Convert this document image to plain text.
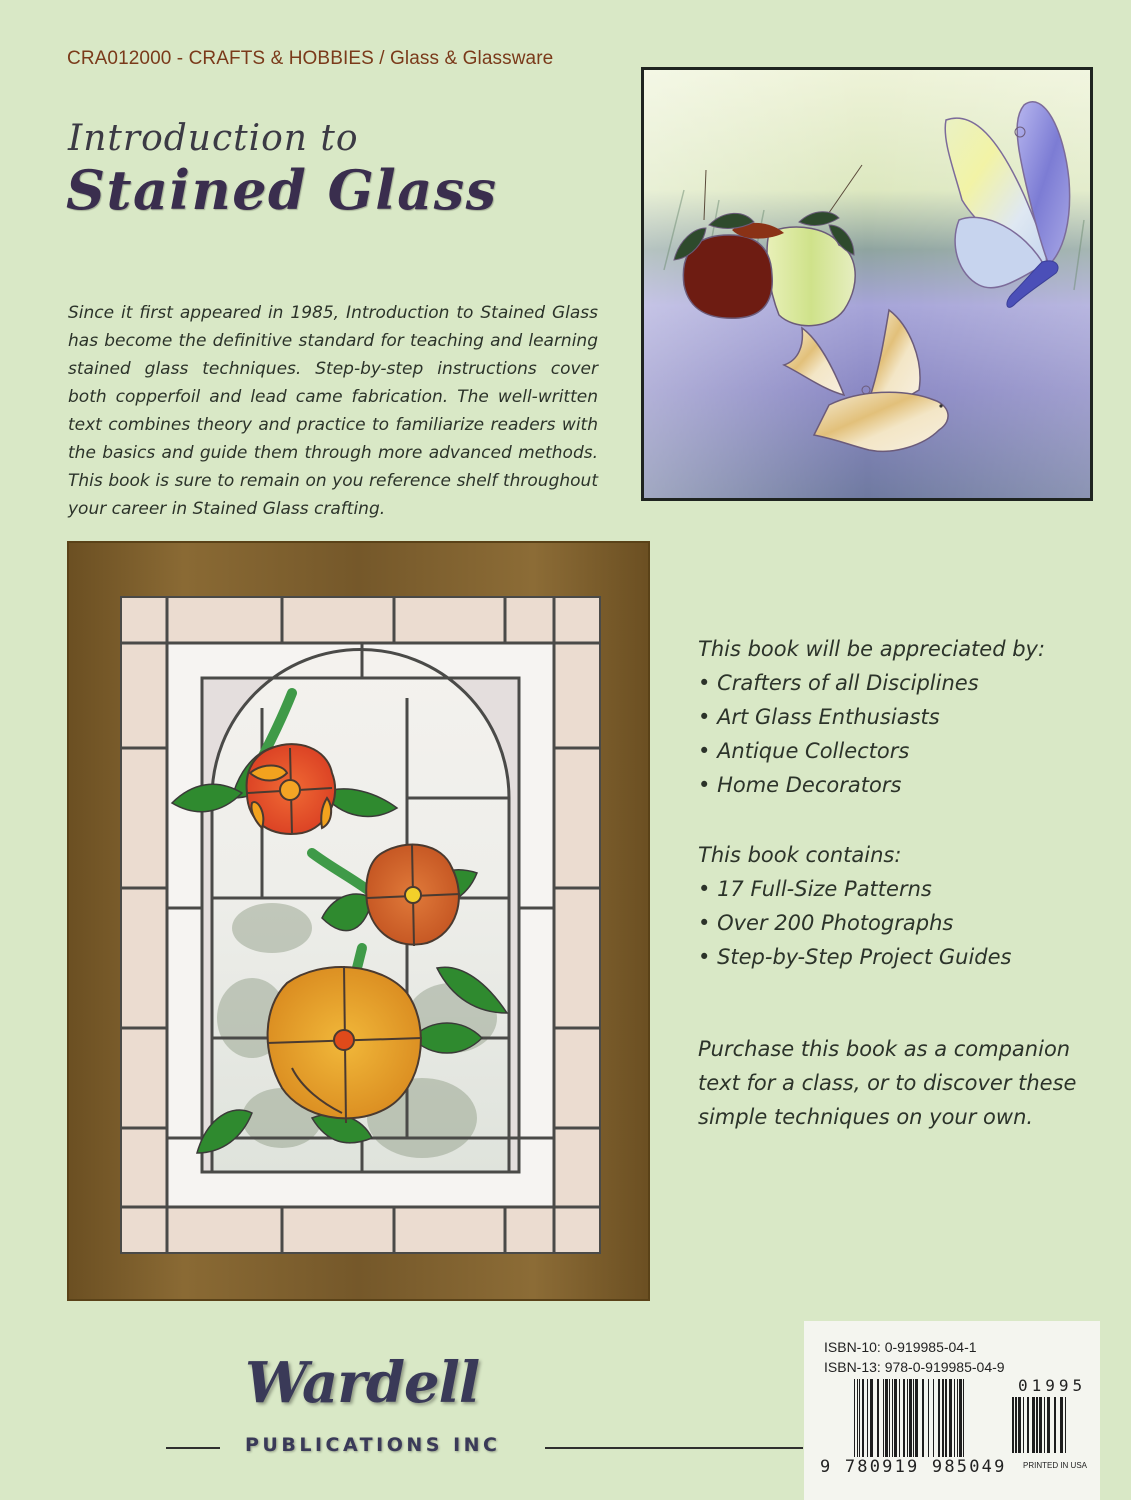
CRA012000 - CRAFTS & HOBBIES / Glass & Glassware
Introduction to
Stained Glass

Since it first appeared in 1985, Introduction to Stained Glass has become the definitive standard for teaching and learning stained glass techniques. Step-by-step instructions cover both copperfoil and lead came fabrication. The well-written text combines theory and practice to familiarize readers with the basics and guide them through more advanced methods. This book is sure to remain on you reference shelf throughout your career in Stained Glass crafting.

This book will be appreciated by:

• Crafters of all Disciplines
• Art Glass Enthusiasts
• Antique Collectors
• Home Decorators

This book contains:

• 17 Full-Size Patterns
• Over 200 Photographs
• Step-by-Step Project Guides

Purchase this book as a companion text for a class, or to discover these simple techniques on your own.

Wardell
PUBLICATIONS INC
ISBN-10: 0-919985-04-1
ISBN-13: 978-0-919985-04-9
01995
9 780919 985049 PRINTED IN USA
